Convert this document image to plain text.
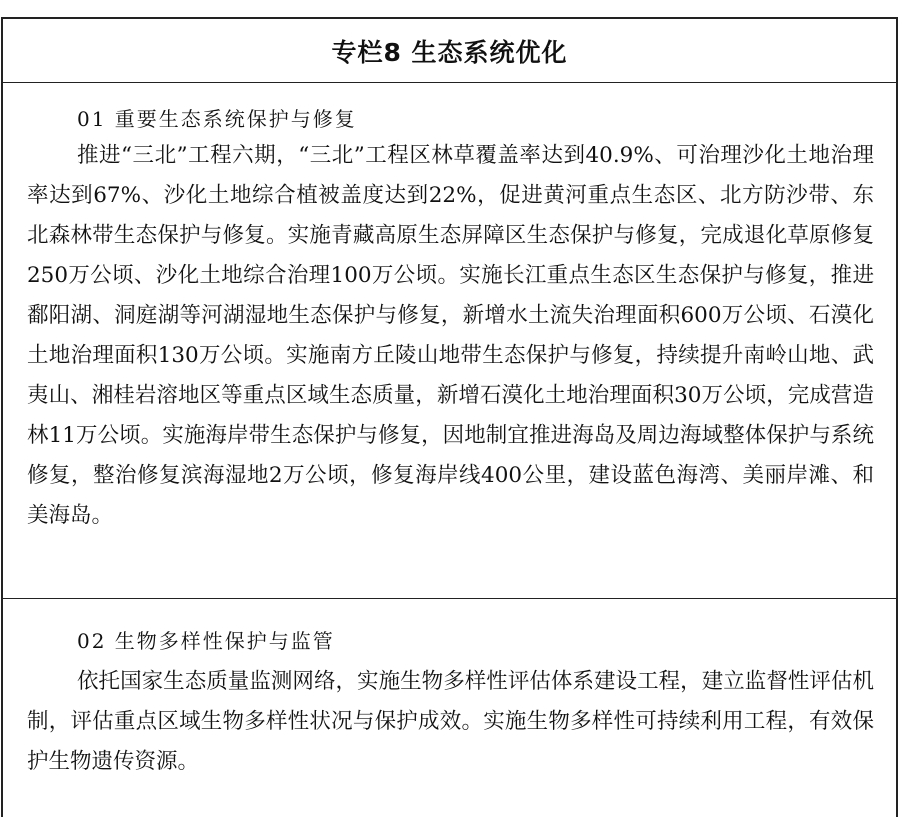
专栏8 生态系统优化

01 重要生态系统保护与修复

推进“三北”工程六期，“三北”工程区林草覆盖率达到40.9%、可治理沙化土地治理率达到67%、沙化土地综合植被盖度达到22%，促进黄河重点生态区、北方防沙带、东北森林带生态保护与修复。实施青藏高原生态屏障区生态保护与修复，完成退化草原修复250万公顷、沙化土地综合治理100万公顷。实施长江重点生态区生态保护与修复，推进鄱阳湖、洞庭湖等河湖湿地生态保护与修复，新增水土流失治理面积600万公顷、石漠化土地治理面积130万公顷。实施南方丘陵山地带生态保护与修复，持续提升南岭山地、武夷山、湘桂岩溶地区等重点区域生态质量，新增石漠化土地治理面积30万公顷，完成营造林11万公顷。实施海岸带生态保护与修复，因地制宜推进海岛及周边海域整体保护与系统修复，整治修复滨海湿地2万公顷，修复海岸线400公里，建设蓝色海湾、美丽岸滩、和美海岛。

02 生物多样性保护与监管

依托国家生态质量监测网络，实施生物多样性评估体系建设工程，建立监督性评估机制，评估重点区域生物多样性状况与保护成效。实施生物多样性可持续利用工程，有效保护生物遗传资源。
